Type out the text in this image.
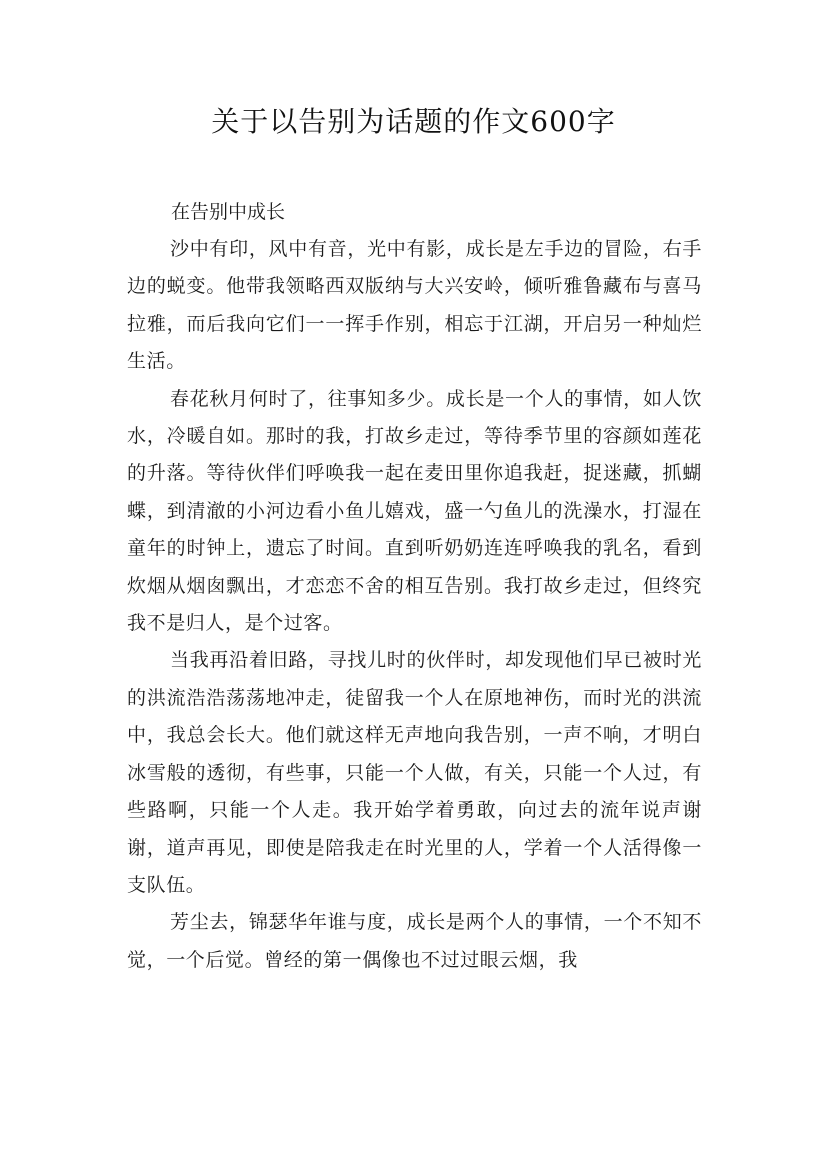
关于以告别为话题的作文600字

在告别中成长

沙中有印，风中有音，光中有影，成长是左手边的冒险，右手边的蜕变。他带我领略西双版纳与大兴安岭，倾听雅鲁藏布与喜马拉雅，而后我向它们一一挥手作别，相忘于江湖，开启另一种灿烂生活。

春花秋月何时了，往事知多少。成长是一个人的事情，如人饮水，冷暖自如。那时的我，打故乡走过，等待季节里的容颜如莲花的升落。等待伙伴们呼唤我一起在麦田里你追我赶，捉迷藏，抓蝴蝶，到清澈的小河边看小鱼儿嬉戏，盛一勺鱼儿的洗澡水，打湿在童年的时钟上，遗忘了时间。直到听奶奶连连呼唤我的乳名，看到炊烟从烟囱飘出，才恋恋不舍的相互告别。我打故乡走过，但终究我不是归人，是个过客。

当我再沿着旧路，寻找儿时的伙伴时，却发现他们早已被时光的洪流浩浩荡荡地冲走，徒留我一个人在原地神伤，而时光的洪流中，我总会长大。他们就这样无声地向我告别，一声不响，才明白冰雪般的透彻，有些事，只能一个人做，有关，只能一个人过，有些路啊，只能一个人走。我开始学着勇敢，向过去的流年说声谢谢，道声再见，即使是陪我走在时光里的人，学着一个人活得像一支队伍。

芳尘去，锦瑟华年谁与度，成长是两个人的事情，一个不知不觉，一个后觉。曾经的第一偶像也不过过眼云烟，我
